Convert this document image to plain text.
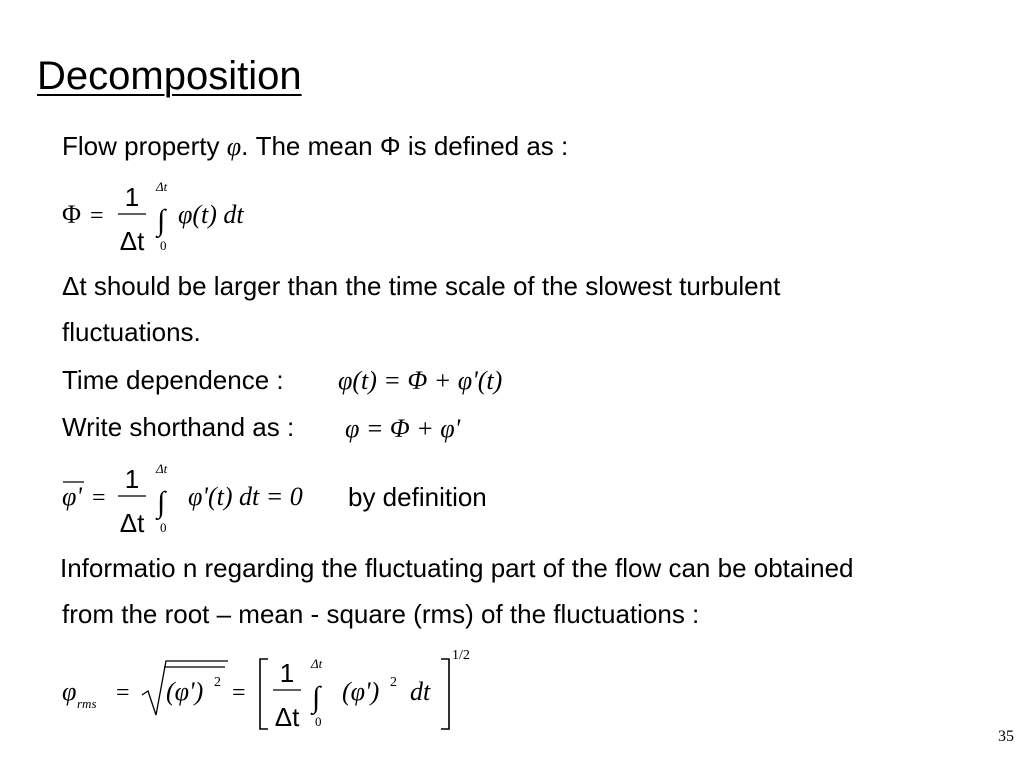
Decomposition
Flow property φ. The mean Φ is defined as :
Φ =
1
Δt
Δt
∫
0
φ(t) dt
Δt should be larger than the time scale of the slowest turbulent
fluctuations.
Time dependence : φ(t) = Φ + φ'(t)
Write shorthand as : φ = Φ + φ'
φ' =
1
Δt
Δt
∫
0
φ'(t) dt = 0 by definition
Informatio n regarding the fluctuating part of the flow can be obtained
from the root – mean - square (rms) of the fluctuations :
φ rms = (φ') 2 =
1
Δt
Δt
∫
0
(φ') 2 dt
1/2
35
